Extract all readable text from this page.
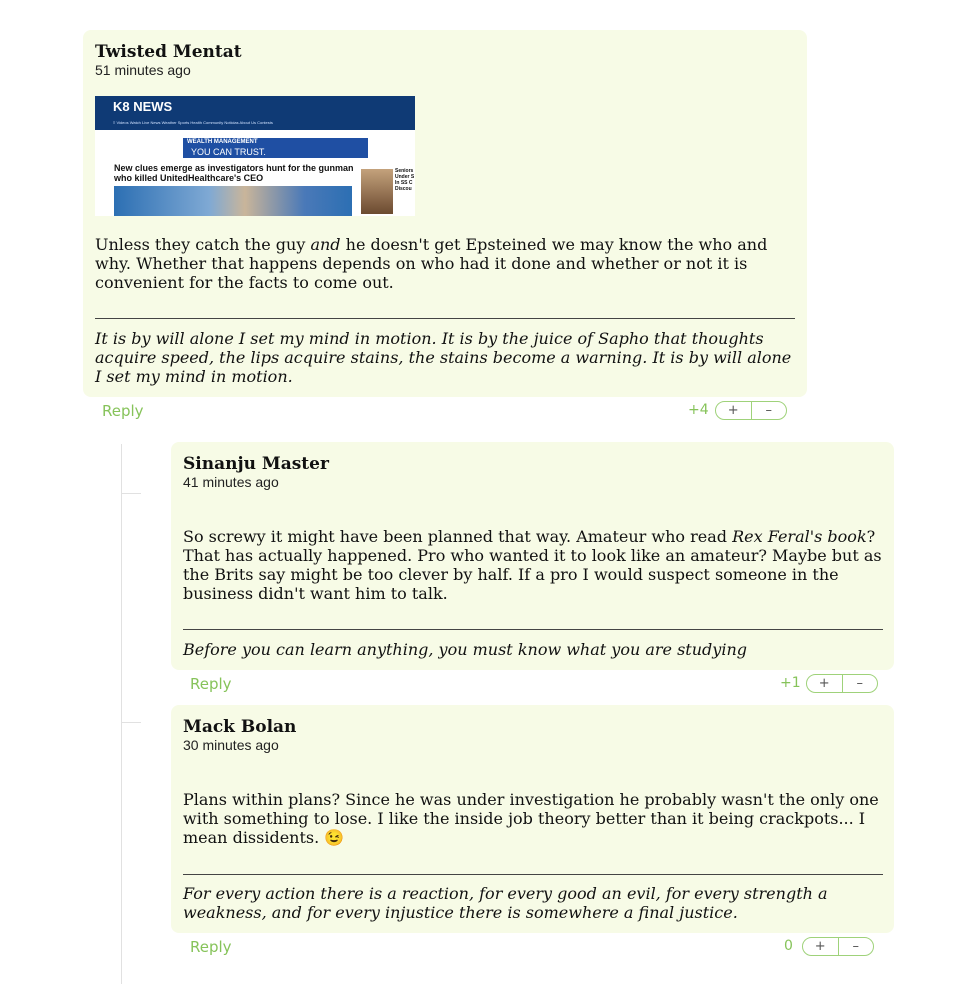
Twisted Mentat
51 minutes ago
K8 NEWS
≡ Videos Watch Live News Weather Sports Health Community Noticias About Us Contests
WEALTH MANAGEMENT
YOU CAN TRUST.
New clues emerge as investigators hunt for the gunman who killed UnitedHealthcare's CEO
Seniors Under S In SS C Discou

Unless they catch the guy and he doesn't get Epsteined we may know the who and why. Whether that happens depends on who had it done and whether or not it is convenient for the facts to come out.

It is by will alone I set my mind in motion. It is by the juice of Sapho that thoughts acquire speed, the lips acquire stains, the stains become a warning. It is by will alone I set my mind in motion.

Reply	+4	+	–
Sinanju Master
41 minutes ago

So screwy it might have been planned that way. Amateur who read Rex Feral's book? That has actually happened. Pro who wanted it to look like an amateur? Maybe but as the Brits say might be too clever by half. If a pro I would suspect someone in the business didn't want him to talk.

Before you can learn anything, you must know what you are studying

Reply	+1	+	–
Mack Bolan
30 minutes ago

Plans within plans? Since he was under investigation he probably wasn't the only one with something to lose. I like the inside job theory better than it being crackpots... I mean dissidents. 😉

For every action there is a reaction, for every good an evil, for every strength a weakness, and for every injustice there is somewhere a final justice.

Reply	0	+	–
